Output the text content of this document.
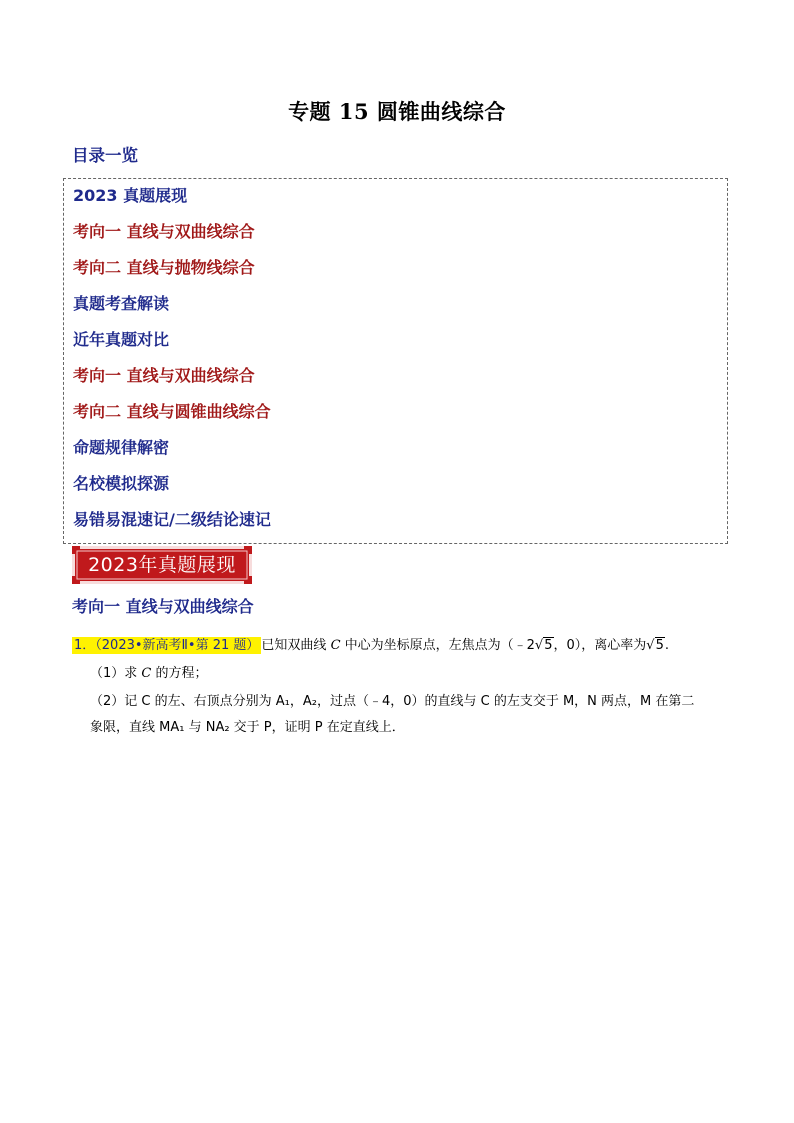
专题 15 圆锥曲线综合
目录一览
2023 真题展现
考向一 直线与双曲线综合
考向二 直线与抛物线综合
真题考查解读
近年真题对比
考向一 直线与双曲线综合
考向二 直线与圆锥曲线综合
命题规律解密
名校模拟探源
易错易混速记/二级结论速记
2023年真题展现
考向一 直线与双曲线综合
1．（2023•新高考Ⅱ•第 21 题） 已知双曲线 C 中心为坐标原点，左焦点为（﹣2√5，0），离心率为√5.
（1）求 C 的方程；
（2）记 C 的左、右顶点分别为 A₁，A₂，过点（﹣4，0）的直线与 C 的左支交于 M，N 两点，M 在第二
象限，直线 MA₁ 与 NA₂ 交于 P，证明 P 在定直线上．
